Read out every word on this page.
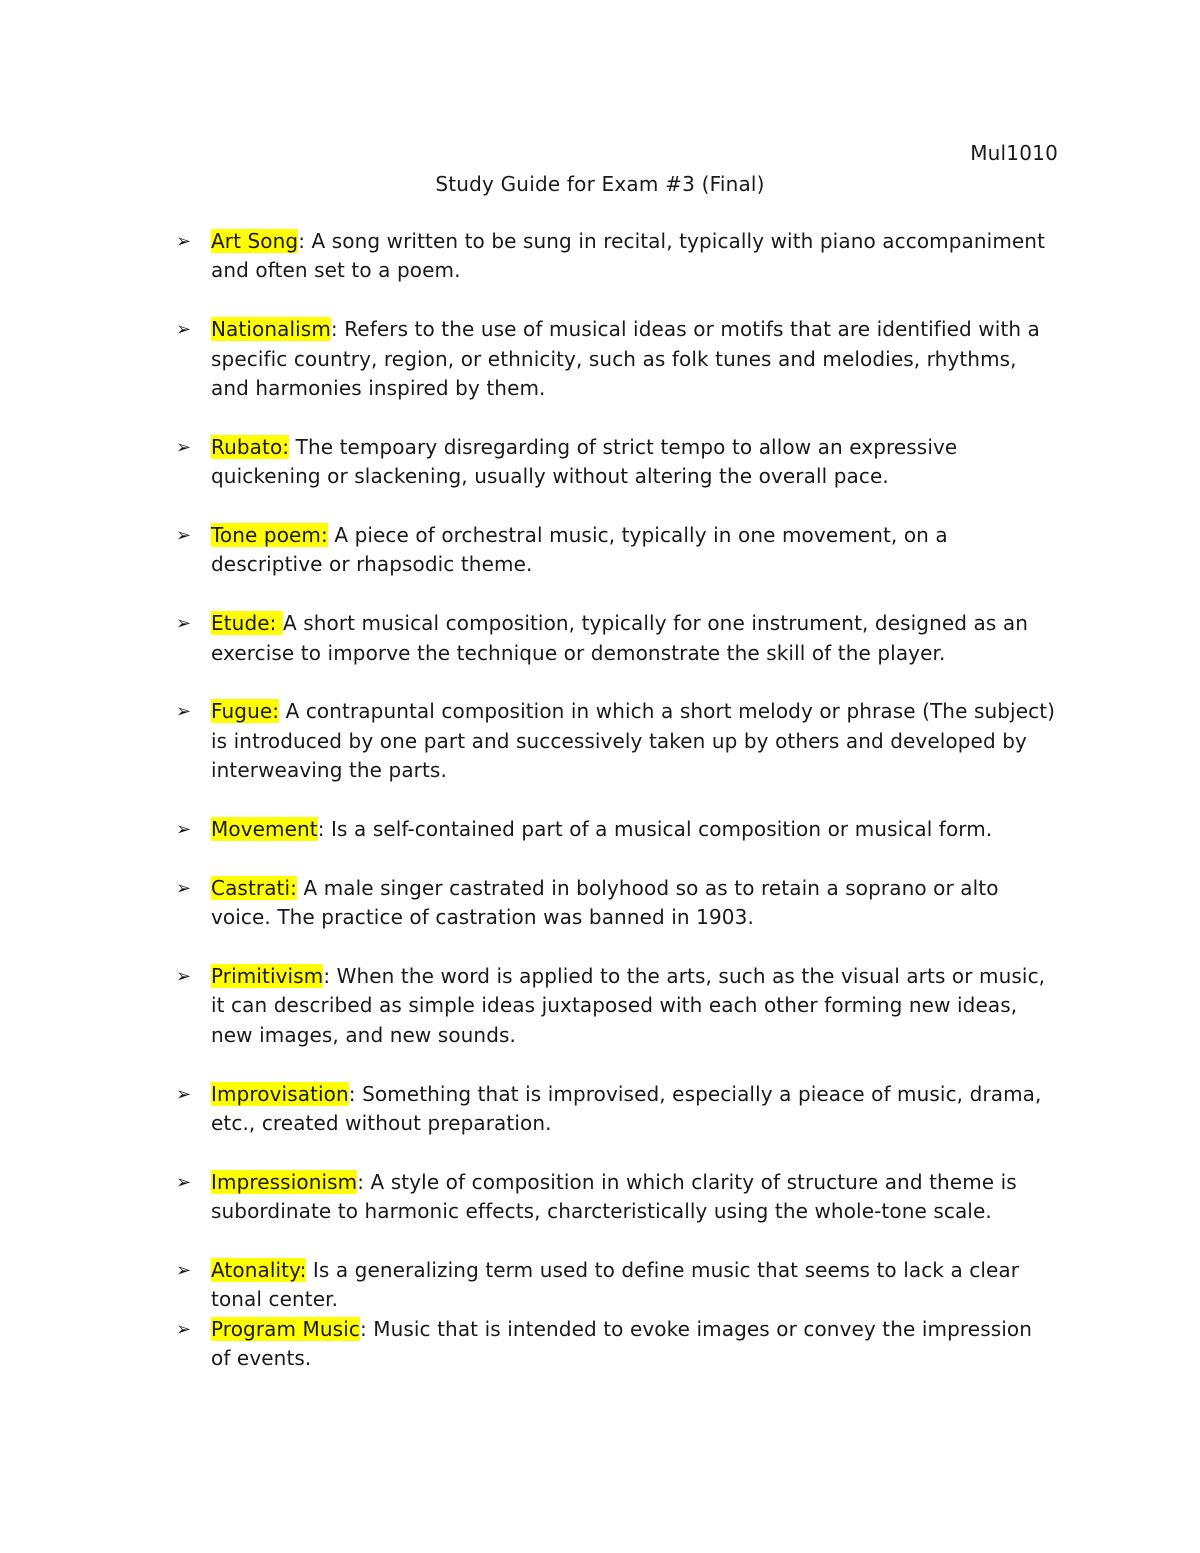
Mul1010
Study Guide for Exam #3 (Final)
➢ Art Song: A song written to be sung in recital, typically with piano accompaniment and often set to a poem.
➢ Nationalism: Refers to the use of musical ideas or motifs that are identified with a specific country, region, or ethnicity, such as folk tunes and melodies, rhythms, and harmonies inspired by them.
➢ Rubato: The tempoary disregarding of strict tempo to allow an expressive quickening or slackening, usually without altering the overall pace.
➢ Tone poem: A piece of orchestral music, typically in one movement, on a descriptive or rhapsodic theme.
➢ Etude: A short musical composition, typically for one instrument, designed as an exercise to imporve the technique or demonstrate the skill of the player.
➢ Fugue: A contrapuntal composition in which a short melody or phrase (The subject) is introduced by one part and successively taken up by others and developed by interweaving the parts.
➢ Movement: Is a self-contained part of a musical composition or musical form.
➢ Castrati: A male singer castrated in bolyhood so as to retain a soprano or alto voice. The practice of castration was banned in 1903.
➢ Primitivism: When the word is applied to the arts, such as the visual arts or music, it can described as simple ideas juxtaposed with each other forming new ideas, new images, and new sounds.
➢ Improvisation: Something that is improvised, especially a pieace of music, drama, etc., created without preparation.
➢ Impressionism: A style of composition in which clarity of structure and theme is subordinate to harmonic effects, charcteristically using the whole-tone scale.
➢ Atonality: Is a generalizing term used to define music that seems to lack a clear tonal center.
➢ Program Music: Music that is intended to evoke images or convey the impression of events.
